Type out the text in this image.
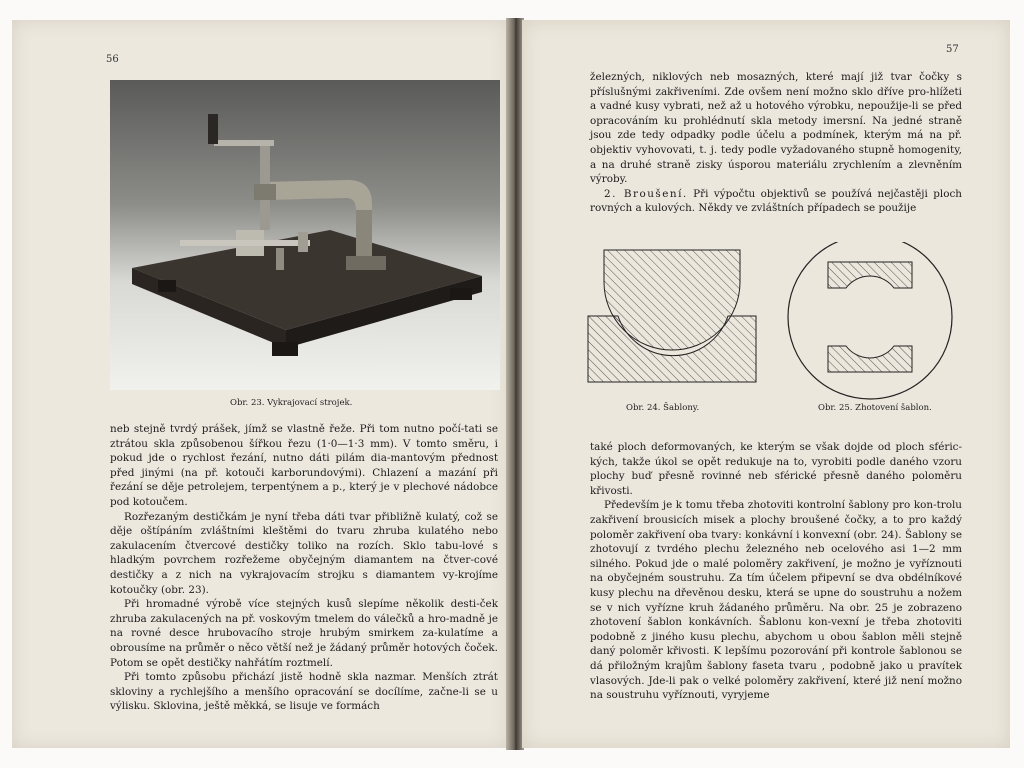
56
Obr. 23. Vykrajovací strojek.

neb stejně tvrdý prášek, jímž se vlastně řeže. Při tom nutno počí-tati se ztrátou skla způsobenou šířkou řezu (1·0—1·3 mm). V tomto směru, i pokud jde o rychlost řezání, nutno dáti pilám dia-mantovým přednost před jinými (na př. kotouči karborundovými). Chlazení a mazání při řezání se děje petrolejem, terpentýnem a p., který je v plechové nádobce pod kotoučem.

Rozřezaným destičkám je nyní třeba dáti tvar přibližně kulatý, což se děje oštípáním zvláštními kleštěmi do tvaru zhruba kulatého nebo zakulacením čtvercové destičky toliko na rozích. Sklo tabu-lové s hladkým povrchem rozřežeme obyčejným diamantem na čtver-cové destičky a z nich na vykrajovacím strojku s diamantem vy-krojíme kotoučky (obr. 23).

Při hromadné výrobě více stejných kusů slepíme několik desti-ček zhruba zakulacených na př. voskovým tmelem do válečků a hro-madně je na rovné desce hrubovacího stroje hrubým smirkem za-kulatíme a obrousíme na průměr o něco větší než je žádaný průměr hotových čoček. Potom se opět destičky nahřátím roztmelí.

Při tomto způsobu přichází jistě hodně skla nazmar. Menších ztrát skloviny a rychlejšího a menšího opracování se docílíme, začne-li se u výlisku. Sklovina, ještě měkká, se lisuje ve formách

57

železných, niklových neb mosazných, které mají již tvar čočky s příslušnými zakřiveními. Zde ovšem není možno sklo dříve pro-hlížeti a vadné kusy vybrati, než až u hotového výrobku, nepoužije-li se před opracováním ku prohlédnutí skla metody imersní. Na jedné straně jsou zde tedy odpadky podle účelu a podmínek, kterým má na př. objektiv vyhovovati, t. j. tedy podle vyžadovaného stupně homogenity, a na druhé straně zisky úsporou materiálu zrychlením a zlevněním výroby.

2. Broušení. Při výpočtu objektivů se používá nejčastěji ploch rovných a kulových. Někdy ve zvláštních případech se použije

Obr. 24. Šablony.	Obr. 25. Zhotovení šablon.

také ploch deformovaných, ke kterým se však dojde od ploch sféric-kých, takže úkol se opět redukuje na to, vyrobiti podle daného vzoru plochy buď přesně rovinné neb sférické přesně daného poloměru křivosti.

Především je k tomu třeba zhotoviti kontrolní šablony pro kon-trolu zakřivení brousicích misek a plochy broušené čočky, a to pro každý poloměr zakřivení oba tvary: konkávní i konvexní (obr. 24). Šablony se zhotovují z tvrdého plechu železného neb ocelového asi 1—2 mm silného. Pokud jde o malé poloměry zakřivení, je možno je vyříznouti na obyčejném soustruhu. Za tím účelem připevní se dva obdélníkové kusy plechu na dřevěnou desku, která se upne do soustruhu a nožem se v nich vyřízne kruh žádaného průměru. Na obr. 25 je zobrazeno zhotovení šablon konkávních. Šablonu kon-vexní je třeba zhotoviti podobně z jiného kusu plechu, abychom u obou šablon měli stejně daný poloměr křivosti. K lepšímu pozorování při kontrole šablonou se dá přiložným krajům šablony faseta tvaru , podobně jako u pravítek vlasových. Jde-li pak o velké poloměry zakřivení, které již není možno na soustruhu vyříznouti, vyryjeme
